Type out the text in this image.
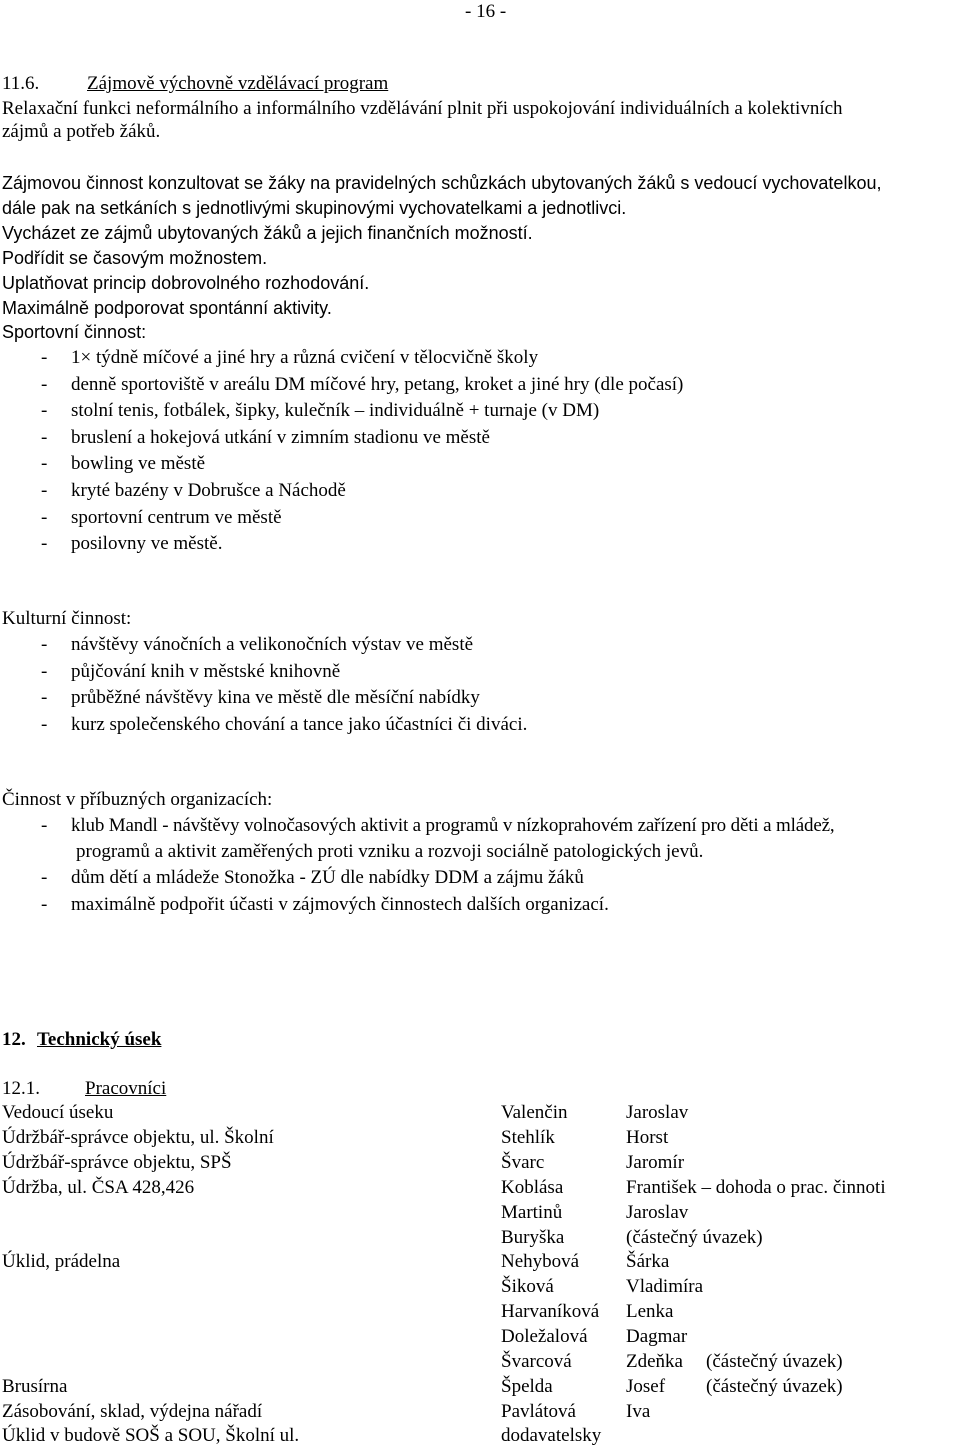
- 16 -
11.6.	Zájmově výchovně vzdělávací program
Relaxační funkci neformálního a informálního vzdělávání plnit při uspokojování individuálních a kolektivních
zájmů a potřeb žáků.
Zájmovou činnost konzultovat se žáky na pravidelných schůzkách ubytovaných žáků s vedoucí vychovatelkou,
dále pak na setkáních s jednotlivými skupinovými vychovatelkami a jednotlivci.
Vycházet ze zájmů ubytovaných žáků a jejich finančních možností.
Podřídit se časovým možnostem.
Uplatňovat princip dobrovolného rozhodování.
Maximálně podporovat spontánní aktivity.
Sportovní činnost:
- 1× týdně míčové a jiné hry a různá cvičení v tělocvičně školy
- denně sportoviště v areálu DM míčové hry, petang, kroket a jiné hry (dle počasí)
- stolní tenis, fotbálek, šipky, kulečník – individuálně + turnaje (v DM)
- bruslení a hokejová utkání v zimním stadionu ve městě
- bowling ve městě
- kryté bazény v Dobrušce a Náchodě
- sportovní centrum ve městě
- posilovny ve městě.
Kulturní činnost:
- návštěvy vánočních a velikonočních výstav ve městě
- půjčování knih v městské knihovně
- průběžné návštěvy kina ve městě dle měsíční nabídky
- kurz společenského chování a tance jako účastníci či diváci.
Činnost v příbuzných organizacích:
- klub Mandl - návštěvy volnočasových aktivit a programů v nízkoprahovém zařízení pro děti a mládež,
programů a aktivit zaměřených proti vzniku a rozvoji sociálně patologických jevů.
- dům dětí a mládeže Stonožka - ZÚ dle nabídky DDM a zájmu žáků
- maximálně podpořit účasti v zájmových činnostech dalších organizací.
12. Technický úsek
12.1. Pracovníci
Vedoucí úseku	Valenčin	Jaroslav
Údržbář-správce objektu, ul. Školní	Stehlík	Horst
Údržbář-správce objektu, SPŠ	Švarc	Jaromír
Údržba, ul. ČSA 428,426	Koblása	František – dohoda o prac. činnoti
Martinů	Jaroslav
Buryška	(částečný úvazek)
Úklid, prádelna	Nehybová Šárka
Šiková	Vladimíra
Harvaníková Lenka
Doležalová Dagmar
Švarcová	Zdeňka (částečný úvazek)
Brusírna	Špelda	Josef (částečný úvazek)
Zásobování, sklad, výdejna nářadí	Pavlátová	Iva
Úklid v budově SOŠ a SOU, Školní ul.	dodavatelsky
